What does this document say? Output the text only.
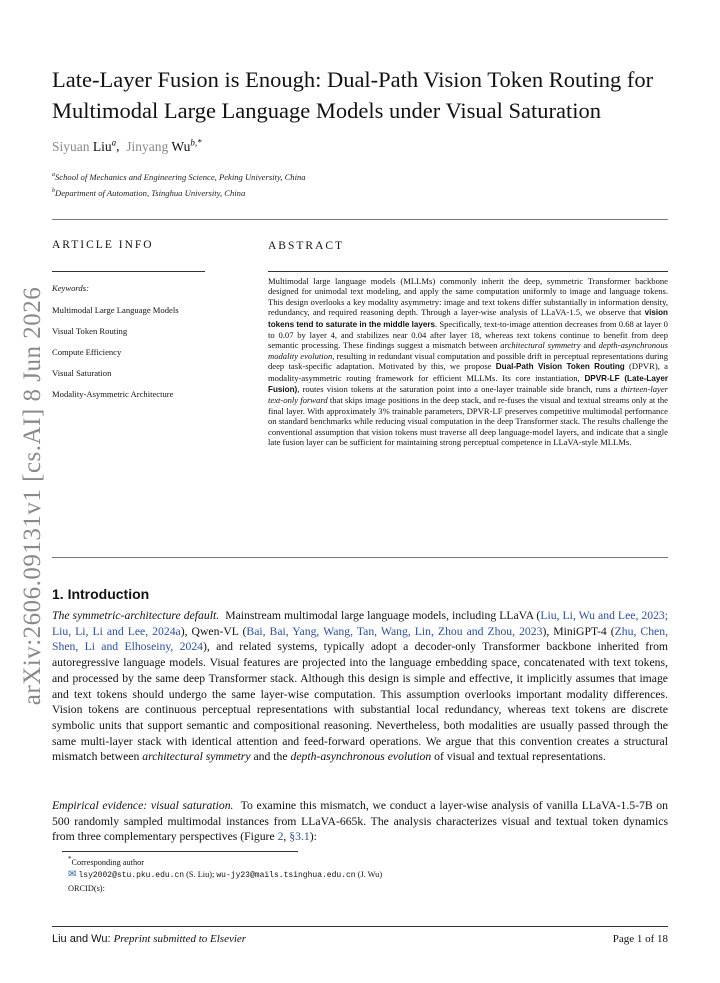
arXiv:2606.09131v1 [cs.AI] 8 Jun 2026
Late-Layer Fusion is Enough: Dual-Path Vision Token Routing for Multimodal Large Language Models under Visual Saturation
Siyuan Liu$^a$,  Jinyang $Wu^{b,*}$
$^a$School of Mechanics and Engineering Science, Peking University, China
$^b$Department of Automation, Tsinghua University, China
ARTICLE INFO	ABSTRACT
Keywords:
Multimodal Large Language Models
Visual Token Routing
Compute Efficiency
Visual Saturation
Modality-Asymmetric Architecture
Multimodal large language models (MLLMs) commonly inherit the deep, symmetric Transformer backbone designed for unimodal text modeling, and apply the same computation uniformly to image and language tokens. This design overlooks a key modality asymmetry: image and text tokens differ substantially in information density, redundancy, and required reasoning depth. Through a layer-wise analysis of LLaVA-1.5, we observe that vision tokens tend to saturate in the middle layers. Specifically, text-to-image attention decreases from 0.68 at layer 0 to 0.07 by layer 4, and stabilizes near 0.04 after layer 18, whereas text tokens continue to benefit from deep semantic processing. These findings suggest a mismatch between architectural symmetry and depth-asynchronous modality evolution, resulting in redundant visual computation and possible drift in perceptual representations during deep task-specific adaptation. Motivated by this, we propose Dual-Path Vision Token Routing (DPVR), a modality-asymmetric routing framework for efficient MLLMs. Its core instantiation, DPVR-LF (Late-Layer Fusion), routes vision tokens at the saturation point into a one-layer trainable side branch, runs a thirteen-layer text-only forward that skips image positions in the deep stack, and re-fuses the visual and textual streams only at the final layer. With approximately 3% trainable parameters, DPVR-LF preserves competitive multimodal performance on standard benchmarks while reducing visual computation in the deep Transformer stack. The results challenge the conventional assumption that vision tokens must traverse all deep language-model layers, and indicate that a single late fusion layer can be sufficient for maintaining strong perceptual competence in LLaVA-style MLLMs.
1. Introduction
The symmetric-architecture default. Mainstream multimodal large language models, including LLaVA (Liu, Li, Wu and Lee, 2023; Liu, Li, Li and Lee, 2024a), Qwen-VL (Bai, Bai, Yang, Wang, Tan, Wang, Lin, Zhou and Zhou, 2023), MiniGPT-4 (Zhu, Chen, Shen, Li and Elhoseiny, 2024), and related systems, typically adopt a decoder-only Transformer backbone inherited from autoregressive language models. Visual features are projected into the language embedding space, concatenated with text tokens, and processed by the same deep Transformer stack. Although this design is simple and effective, it implicitly assumes that image and text tokens should undergo the same layer-wise computation. This assumption overlooks important modality differences. Vision tokens are continuous perceptual representations with substantial local redundancy, whereas text tokens are discrete symbolic units that support semantic and compositional reasoning. Nevertheless, both modalities are usually passed through the same multi-layer stack with identical attention and feed-forward operations. We argue that this convention creates a structural mismatch between architectural symmetry and the depth-asynchronous evolution of visual and textual representations.
Empirical evidence: visual saturation. To examine this mismatch, we conduct a layer-wise analysis of vanilla LLaVA-1.5-7B on 500 randomly sampled multimodal instances from LLaVA-665k. The analysis characterizes visual and textual token dynamics from three complementary perspectives (Figure 2, §3.1):
*Corresponding author
✉ lsy2002@stu.pku.edu.cn (S. Liu); wu-jy23@mails.tsinghua.edu.cn (J. Wu)
ORCID(s):
Liu and Wu: Preprint submitted to Elsevier	Page 1 of 18
